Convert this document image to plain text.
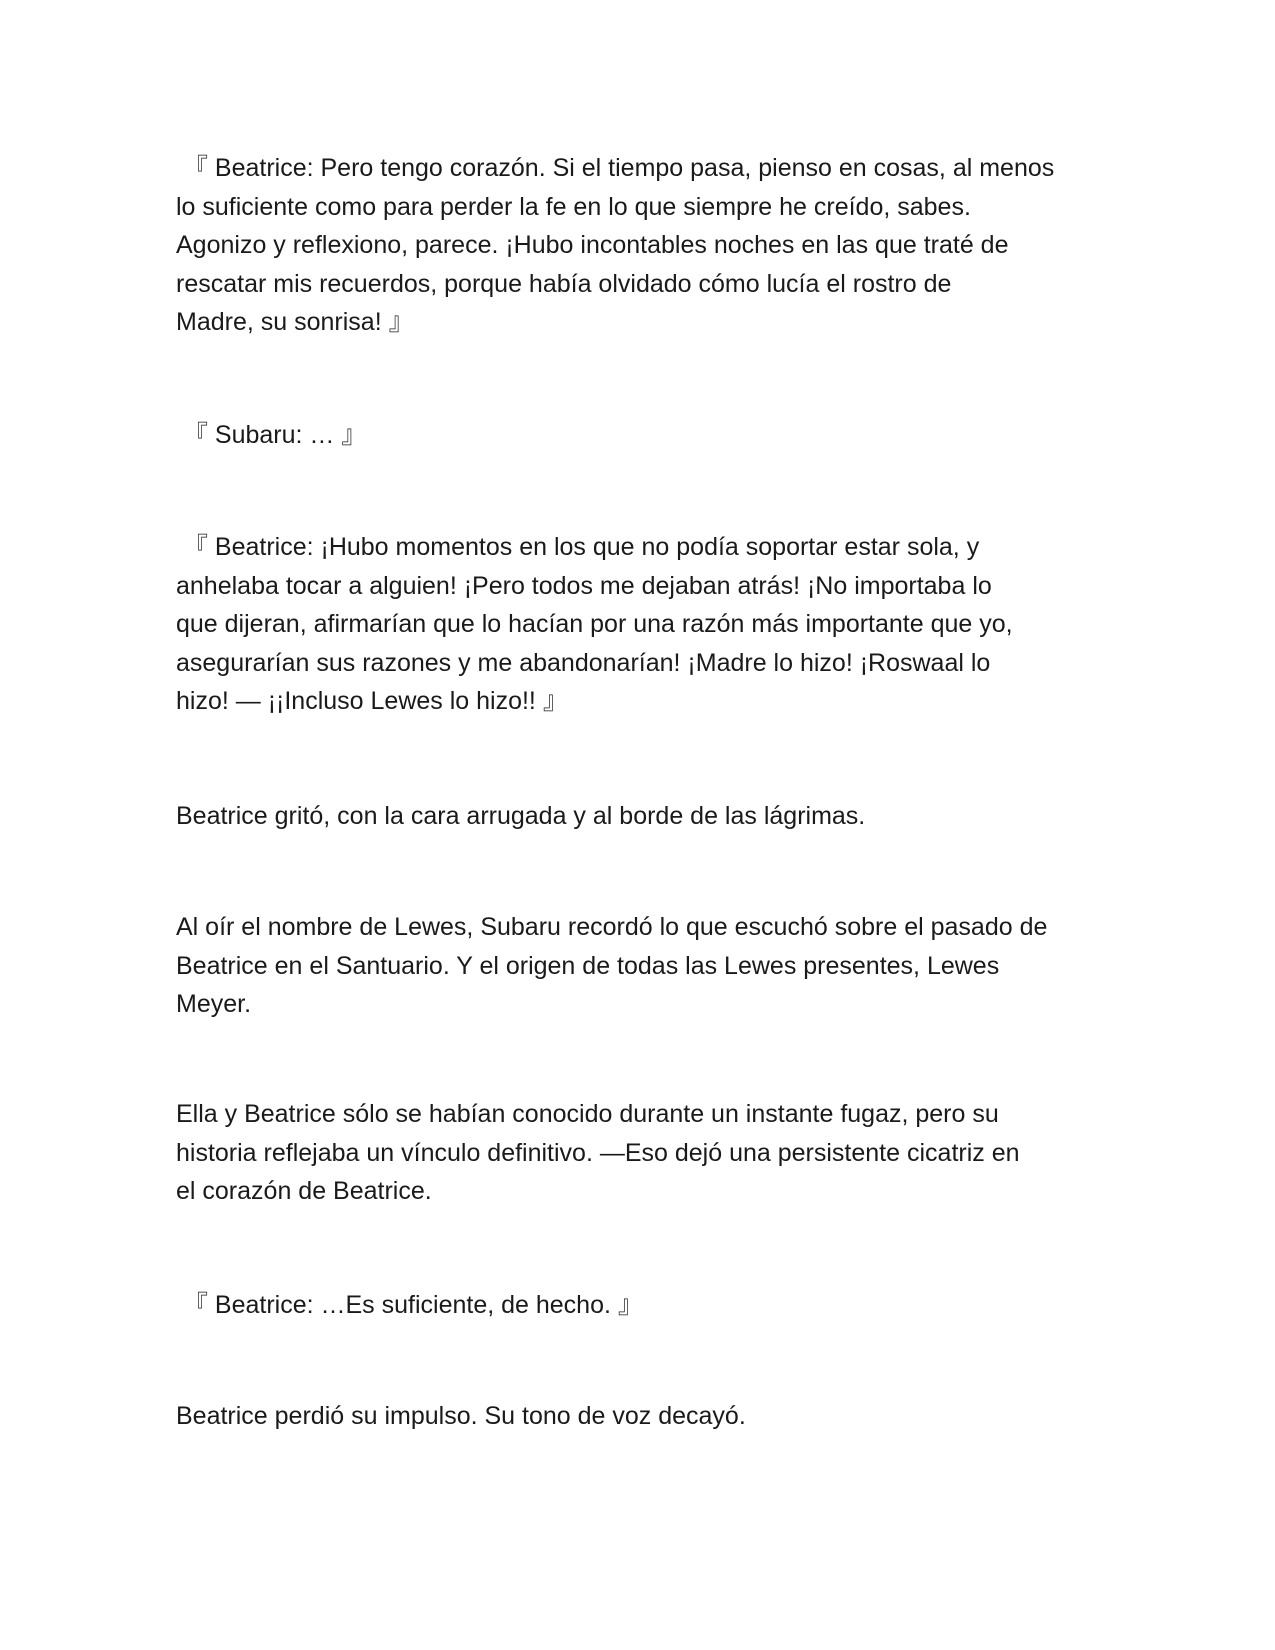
『 Beatrice: Pero tengo corazón. Si el tiempo pasa, pienso en cosas, al menos
lo suficiente como para perder la fe en lo que siempre he creído, sabes.
Agonizo y reflexiono, parece. ¡Hubo incontables noches en las que traté de
rescatar mis recuerdos, porque había olvidado cómo lucía el rostro de
Madre, su sonrisa! 』

『 Subaru: … 』

『 Beatrice: ¡Hubo momentos en los que no podía soportar estar sola, y
anhelaba tocar a alguien! ¡Pero todos me dejaban atrás! ¡No importaba lo
que dijeran, afirmarían que lo hacían por una razón más importante que yo,
asegurarían sus razones y me abandonarían! ¡Madre lo hizo! ¡Roswaal lo
hizo! — ¡¡Incluso Lewes lo hizo!! 』

Beatrice gritó, con la cara arrugada y al borde de las lágrimas.

Al oír el nombre de Lewes, Subaru recordó lo que escuchó sobre el pasado de
Beatrice en el Santuario. Y el origen de todas las Lewes presentes, Lewes
Meyer.

Ella y Beatrice sólo se habían conocido durante un instante fugaz, pero su
historia reflejaba un vínculo definitivo. —Eso dejó una persistente cicatriz en
el corazón de Beatrice.

『 Beatrice: …Es suficiente, de hecho. 』

Beatrice perdió su impulso. Su tono de voz decayó.
